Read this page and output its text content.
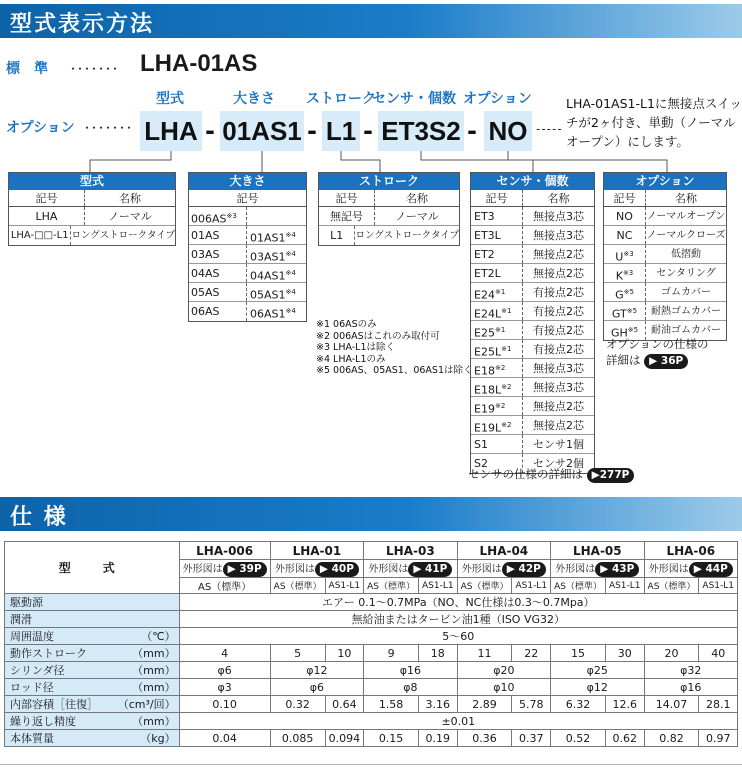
型式表示方法
標　準 ･･･････ LHA-01AS
オプション ･･･････
型式	大きさ ストローク
センサ・個数 オプション
LHA - 01AS1 - L1 - ET3S2 - NO -----
LHA-01AS1-L1に無接点スイッチが2ヶ付き、単動（ノーマルオープン）にします。
型式
記号	名称
LHA	ノーマル
LHA-□□-L1 ロングストロークタイプ
大きさ
記号
006AS$^{※3}$
01AS	01AS1$^{※4}$
03AS	03AS1$^{※4}$
04AS	04AS1$^{※4}$
05AS	05AS1$^{※4}$
06AS	06AS1$^{※4}$
ストローク
記号	名称
無記号	ノーマル
L1	ロングストロークタイプ
センサ・個数
記号	名称
ET3	無接点3芯
ET3L	無接点3芯
ET2	無接点2芯
ET2L	無接点2芯
E24$^{※1}$	有接点2芯
$E24L^{※1}$	有接点2芯
E25$^{※1}$	有接点2芯
$E25L^{※1}$	有接点2芯
E18$^{※2}$	無接点3芯
$E18L^{※2}$	無接点3芯
E19$^{※2}$	無接点2芯
$E19L^{※2}$	無接点2芯
S1	センサ1個
S2	センサ2個
オプション
記号	名称
NO	ノーマルオープン
NC	ノーマルクローズ
$U^{※3}$	低摺動
$K^{※3}$	センタリング
$G^{※5}$	ゴムカバー
GT$^{※5}$	耐熱ゴムカバー
GH$^{※5}$	耐油ゴムカバー
オプションの仕様の
詳細は ▶ 36P
※1 06ASのみ
※2 006ASはこれのみ取付可
※3 LHA-L1は除く
※4 LHA-L1のみ
※5 006AS、05AS1、06AS1は除く
センサの仕様の詳細は ▶277P
仕 様
型　式	LHA-006	LHA-01		LHA-03		LHA-04		LHA-05		LHA-06	
	外形図は ▶ 39P	外形図は ▶ 40P		外形図は ▶ 41P		外形図は ▶ 42P		外形図は ▶ 43P		外形図は ▶ 44P	
	AS（標準）	AS（標準）	AS1-L1	AS（標準）	AS1-L1	AS（標準）	AS1-L1	AS（標準）	AS1-L1	AS（標準）	AS1-L1

駆動源	エアー 0.1～0.7MPa（NO、NC仕様は0.3～0.7Mpa）										

潤滑	無給油またはタービン油1種（ISO VG32）										

周囲温度 （℃）	5～60										

動作ストローク （mm）	4	5	10	9	18	11	22	15	30	20	40

シリンダ径 （mm）	φ6	φ12		φ16		φ20		φ25		φ32	

ロッド径 （mm）	φ3	φ6		φ8		φ10		φ12		φ16	

内部容積［往復］ （cm³/回）	0.10	0.32	0.64	1.58	3.16	2.89	5.78	6.32	12.6	14.07	28.1

繰り返し精度 （mm）	±0.01										

本体質量 （kg）	0.04	0.085	0.094	0.15	0.19	0.36	0.37	0.52	0.62	0.82	0.97
